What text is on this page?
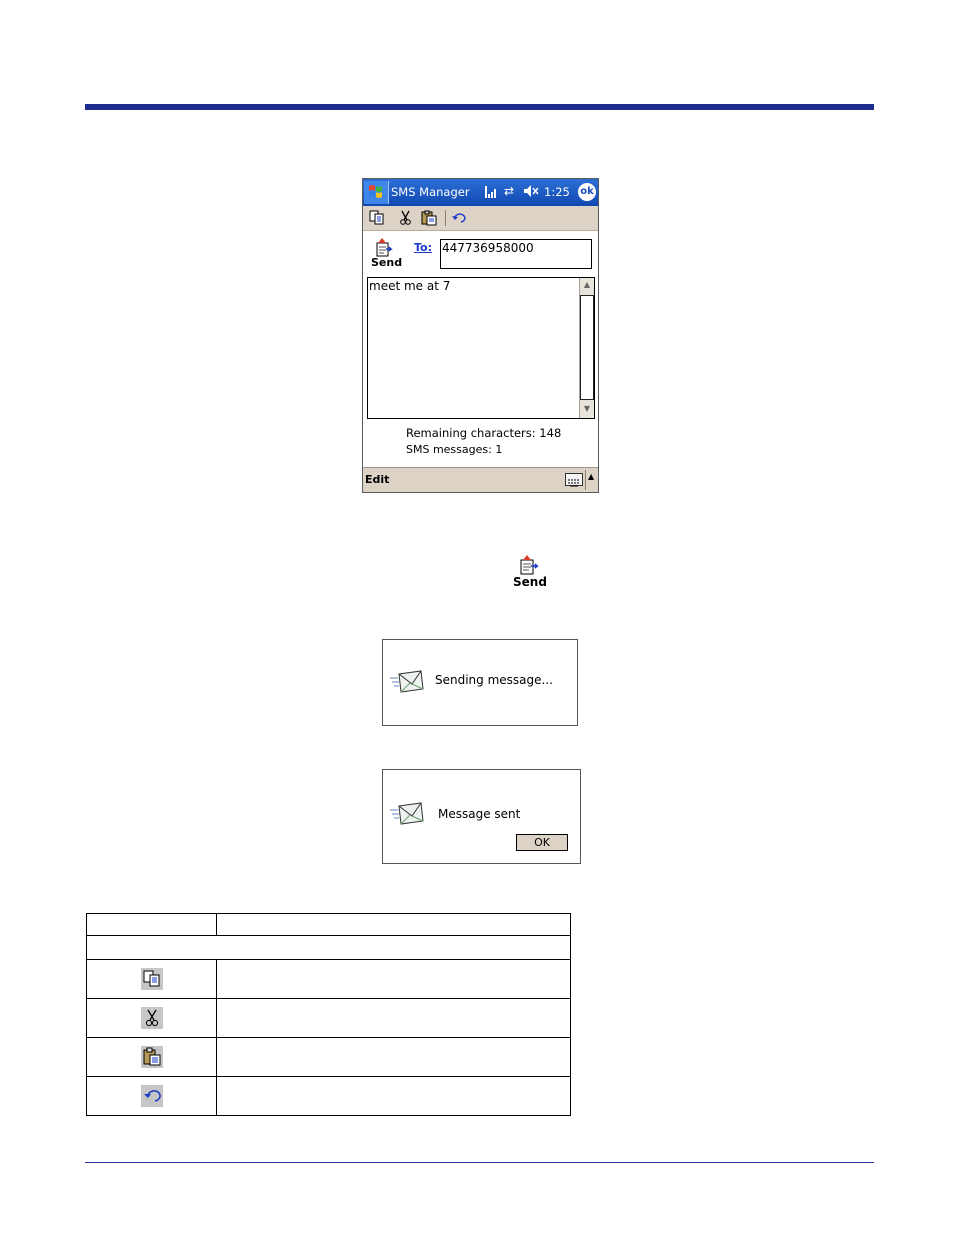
SMS Manager	⇄	1:25 ok
Send
To: 447736958000
meet me at 7	▲
▼
Remaining characters: 148
SMS messages: 1
Edit	▲
Send
Sending message...
Message sent
OK
